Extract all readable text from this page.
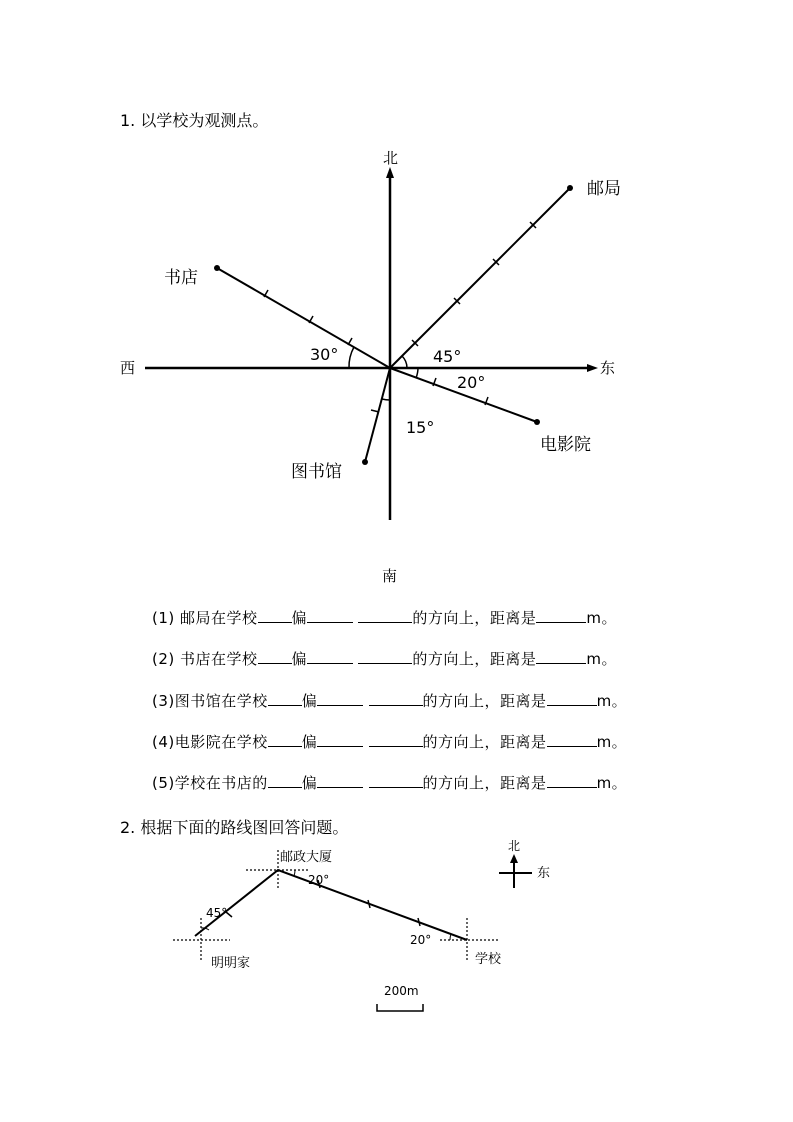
1. 以学校为观测点。
北
南
东
西
邮局
书店
图书馆
电影院
30°	45°
20°
15°
(1) 邮局在学校 偏	的方向上，距离是	m。
(2) 书店在学校 偏	的方向上，距离是	m。
(3)图书馆在学校 偏	的方向上，距离是	m。
(4)电影院在学校 偏	的方向上，距离是	m。
(5)学校在书店的 偏	的方向上，距离是	m。
2. 根据下面的路线图回答问题。
邮政大厦
明明家	学校
45°
20°
20°
北
东
200m
